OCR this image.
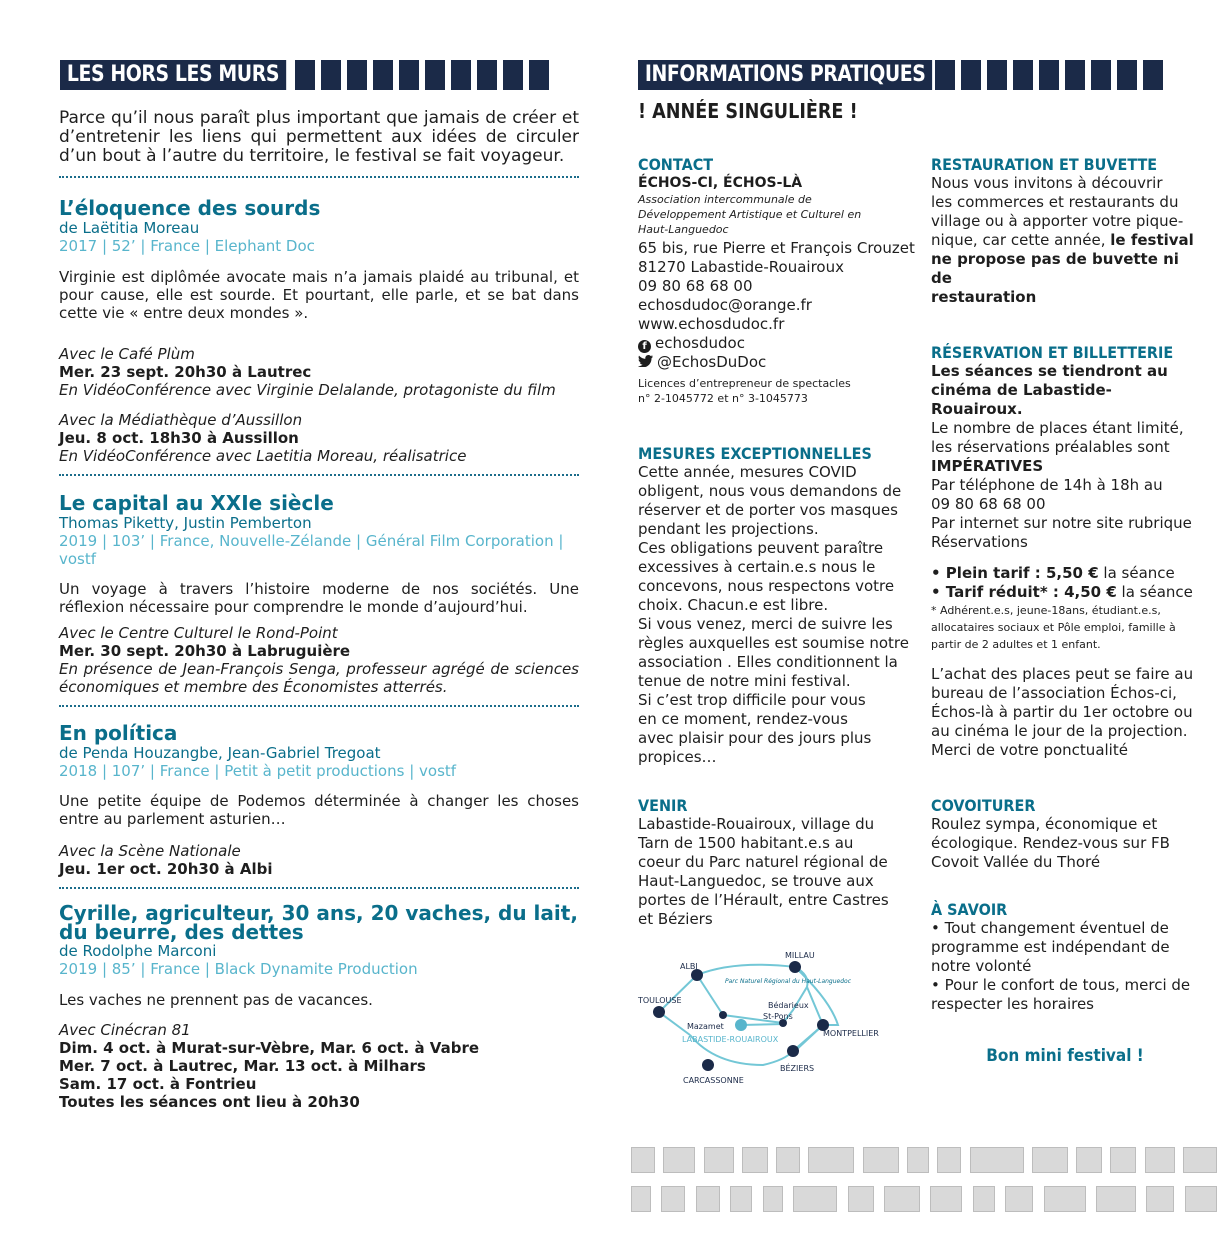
LES HORS LES MURS

Parce qu’il nous paraît plus important que jamais de créer et d’entretenir les liens qui permettent aux idées de circuler d’un bout à l’autre du territoire, le festival se fait voyageur.

L’éloquence des sourds

de Laëtitia Moreau

2017 | 52’ | France | Elephant Doc

Virginie est diplômée avocate mais n’a jamais plaidé au tribunal, et pour cause, elle est sourde. Et pourtant, elle parle, et se bat dans cette vie « entre deux mondes ».

Avec le Café Plùm

Mer. 23 sept. 20h30 à Lautrec

En VidéoConférence avec Virginie Delalande, protagoniste du film

Avec la Médiathèque d’Aussillon

Jeu. 8 oct. 18h30 à Aussillon

En VidéoConférence avec Laetitia Moreau, réalisatrice

Le capital au XXIe siècle

Thomas Piketty, Justin Pemberton

2019 | 103’ | France, Nouvelle-Zélande | Général Film Corporation | vostf

Un voyage à travers l’histoire moderne de nos sociétés. Une réflexion nécessaire pour comprendre le monde d’aujourd’hui.

Avec le Centre Culturel le Rond-Point

Mer. 30 sept. 20h30 à Labruguière

En présence de Jean-François Senga, professeur agrégé de sciences économiques et membre des Économistes atterrés.

En política

de Penda Houzangbe, Jean-Gabriel Tregoat

2018 | 107’ | France | Petit à petit productions | vostf

Une petite équipe de Podemos déterminée à changer les choses entre au parlement asturien…

Avec la Scène Nationale

Jeu. 1er oct. 20h30 à Albi

Cyrille, agriculteur, 30 ans, 20 vaches, du lait, du beurre, des dettes

de Rodolphe Marconi

2019 | 85’ | France | Black Dynamite Production

Les vaches ne prennent pas de vacances.

Avec Cinécran 81

Dim. 4 oct. à Murat-sur-Vèbre, Mar. 6 oct. à Vabre

Mer. 7 oct. à Lautrec, Mar. 13 oct. à Milhars

Sam. 17 oct. à Fontrieu

Toutes les séances ont lieu à 20h30

INFORMATIONS PRATIQUES
! ANNÉE SINGULIÈRE !

CONTACT

ÉCHOS-CI, ÉCHOS-LÀ

Association intercommunale de Développement Artistique et Culturel en Haut-Languedoc

65 bis, rue Pierre et François Crouzet

81270 Labastide-Rouairoux

09 80 68 68 00

echosdudoc@orange.fr

www.echosdudoc.fr

f echosdudoc

@EchosDuDoc

Licences d’entrepreneur de spectacles

n° 2-1045772 et n° 3-1045773

MESURES EXCEPTIONNELLES

Cette année, mesures COVID

obligent, nous vous demandons de

réserver et de porter vos masques

pendant les projections.

Ces obligations peuvent paraître

excessives à certain.e.s nous le

concevons, nous respectons votre

choix. Chacun.e est libre.

Si vous venez, merci de suivre les

règles auxquelles est soumise notre

association . Elles conditionnent la

tenue de notre mini festival.

Si c’est trop difficile pour vous

en ce moment, rendez-vous

avec plaisir pour des jours plus

propices…

VENIR

Labastide-Rouairoux, village du

Tarn de 1500 habitant.e.s au

coeur du Parc naturel régional de

Haut-Languedoc, se trouve aux

portes de l’Hérault, entre Castres

et Béziers

Parc Naturel Régional du Haut-Languedoc
ALBI
TOULOUSE
MILLAU
Bédarieux
St-Pons
Mazamet
LABASTIDE-ROUAIROUX
MONTPELLIER
BÉZIERS
CARCASSONNE

RESTAURATION ET BUVETTE

Nous vous invitons à découvrir

les commerces et restaurants du

village ou à apporter votre pique-

nique, car cette année, le festival

ne propose pas de buvette ni de

restauration

RÉSERVATION ET BILLETTERIE

Les séances se tiendront au

cinéma de Labastide-Rouairoux.

Le nombre de places étant limité,

les réservations préalables sont

IMPÉRATIVES

Par téléphone de 14h à 18h au

09 80 68 68 00

Par internet sur notre site rubrique

Réservations

• Plein tarif : 5,50 € la séance

• Tarif réduit* : 4,50 € la séance

* Adhérent.e.s, jeune-18ans, étudiant.e.s,

allocataires sociaux et Pôle emploi, famille à

partir de 2 adultes et 1 enfant.

L’achat des places peut se faire au

bureau de l’association Échos-ci,

Échos-là à partir du 1er octobre ou

au cinéma le jour de la projection.

Merci de votre ponctualité

COVOITURER

Roulez sympa, économique et

écologique. Rendez-vous sur FB

Covoit Vallée du Thoré

À SAVOIR

• Tout changement éventuel de

programme est indépendant de

notre volonté

• Pour le confort de tous, merci de

respecter les horaires

Bon mini festival !
